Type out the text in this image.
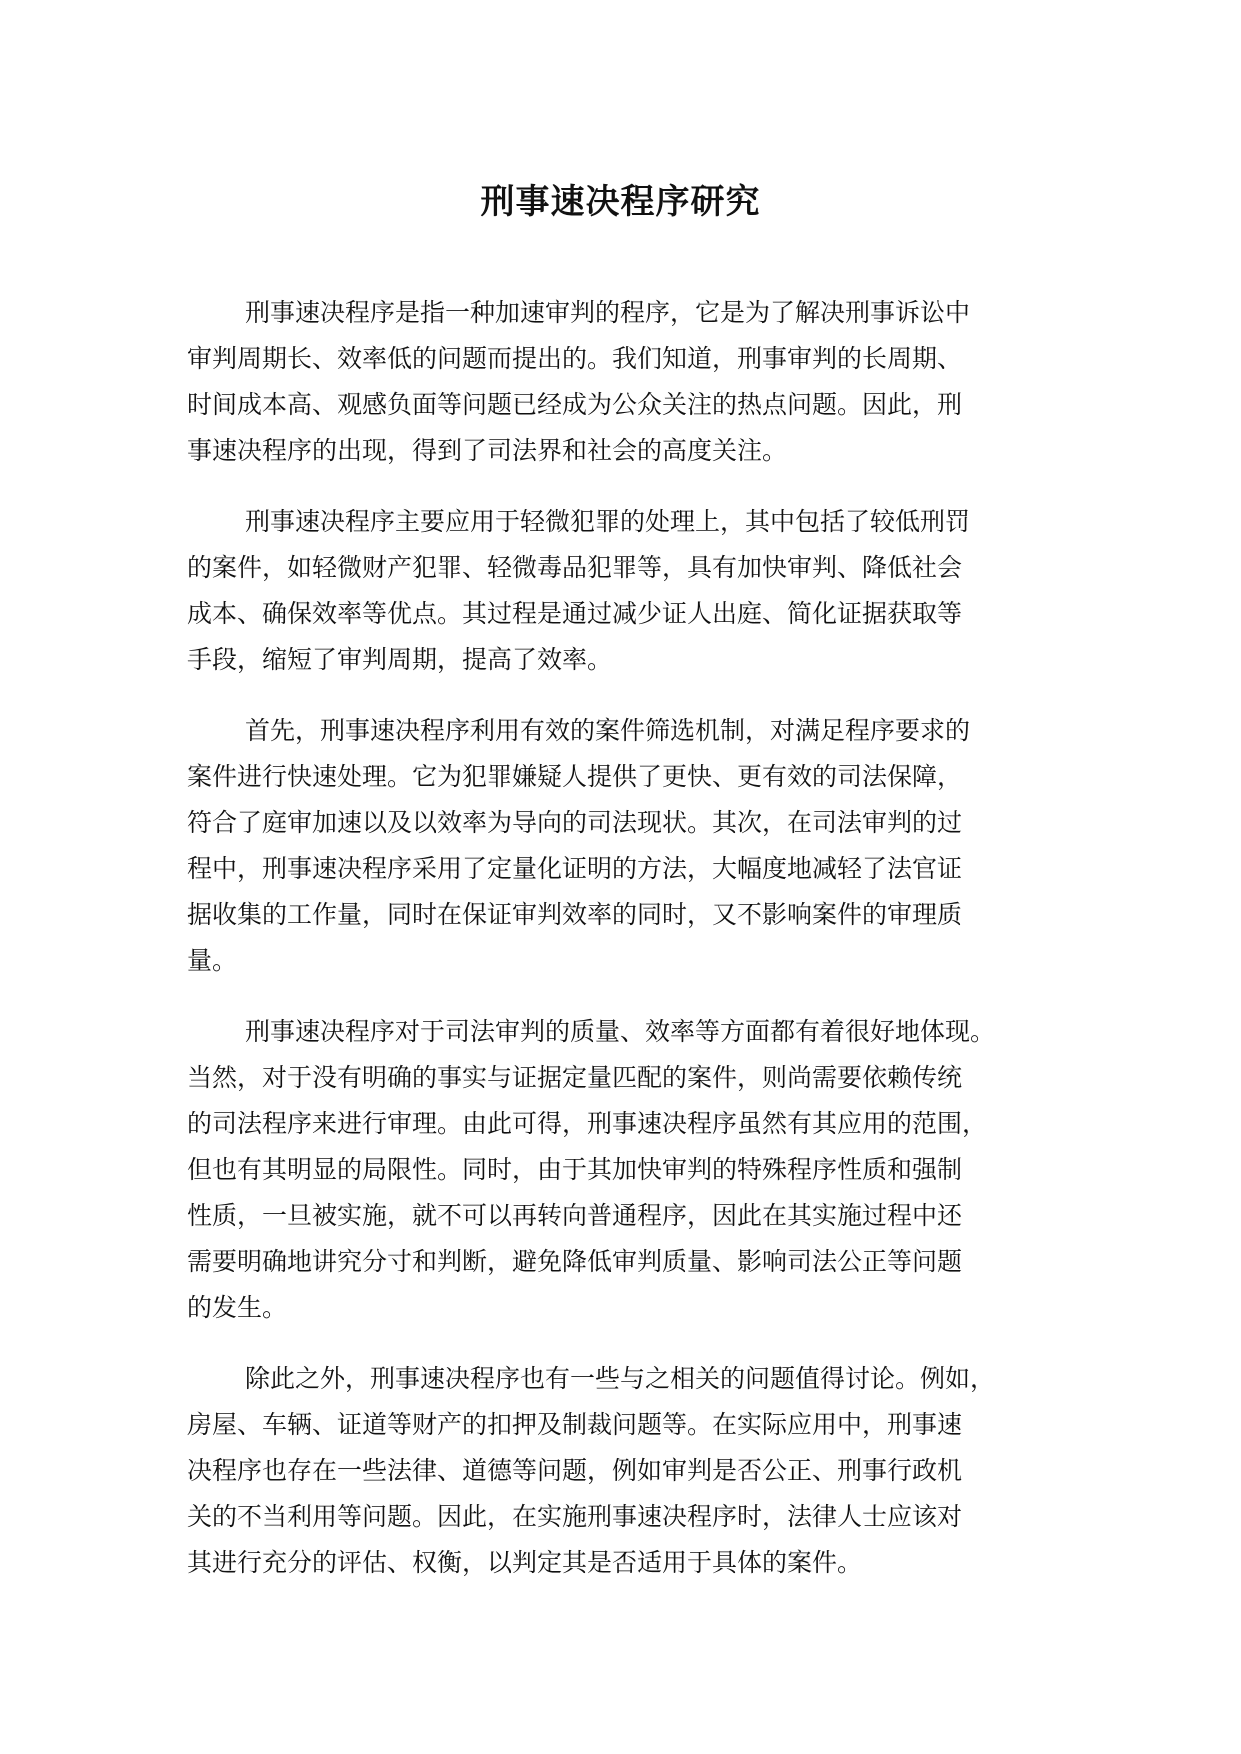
刑事速决程序研究

刑事速决程序是指一种加速审判的程序，它是为了解决刑事诉讼中
审判周期长、效率低的问题而提出的。我们知道，刑事审判的长周期、
时间成本高、观感负面等问题已经成为公众关注的热点问题。因此，刑
事速决程序的出现，得到了司法界和社会的高度关注。

刑事速决程序主要应用于轻微犯罪的处理上，其中包括了较低刑罚
的案件，如轻微财产犯罪、轻微毒品犯罪等，具有加快审判、降低社会
成本、确保效率等优点。其过程是通过减少证人出庭、简化证据获取等
手段，缩短了审判周期，提高了效率。

首先，刑事速决程序利用有效的案件筛选机制，对满足程序要求的
案件进行快速处理。它为犯罪嫌疑人提供了更快、更有效的司法保障，
符合了庭审加速以及以效率为导向的司法现状。其次，在司法审判的过
程中，刑事速决程序采用了定量化证明的方法，大幅度地减轻了法官证
据收集的工作量，同时在保证审判效率的同时，又不影响案件的审理质
量。

刑事速决程序对于司法审判的质量、效率等方面都有着很好地体现。
当然，对于没有明确的事实与证据定量匹配的案件，则尚需要依赖传统
的司法程序来进行审理。由此可得，刑事速决程序虽然有其应用的范围，
但也有其明显的局限性。同时，由于其加快审判的特殊程序性质和强制
性质，一旦被实施，就不可以再转向普通程序，因此在其实施过程中还
需要明确地讲究分寸和判断，避免降低审判质量、影响司法公正等问题
的发生。

除此之外，刑事速决程序也有一些与之相关的问题值得讨论。例如，
房屋、车辆、证道等财产的扣押及制裁问题等。在实际应用中，刑事速
决程序也存在一些法律、道德等问题，例如审判是否公正、刑事行政机
关的不当利用等问题。因此，在实施刑事速决程序时，法律人士应该对
其进行充分的评估、权衡，以判定其是否适用于具体的案件。
